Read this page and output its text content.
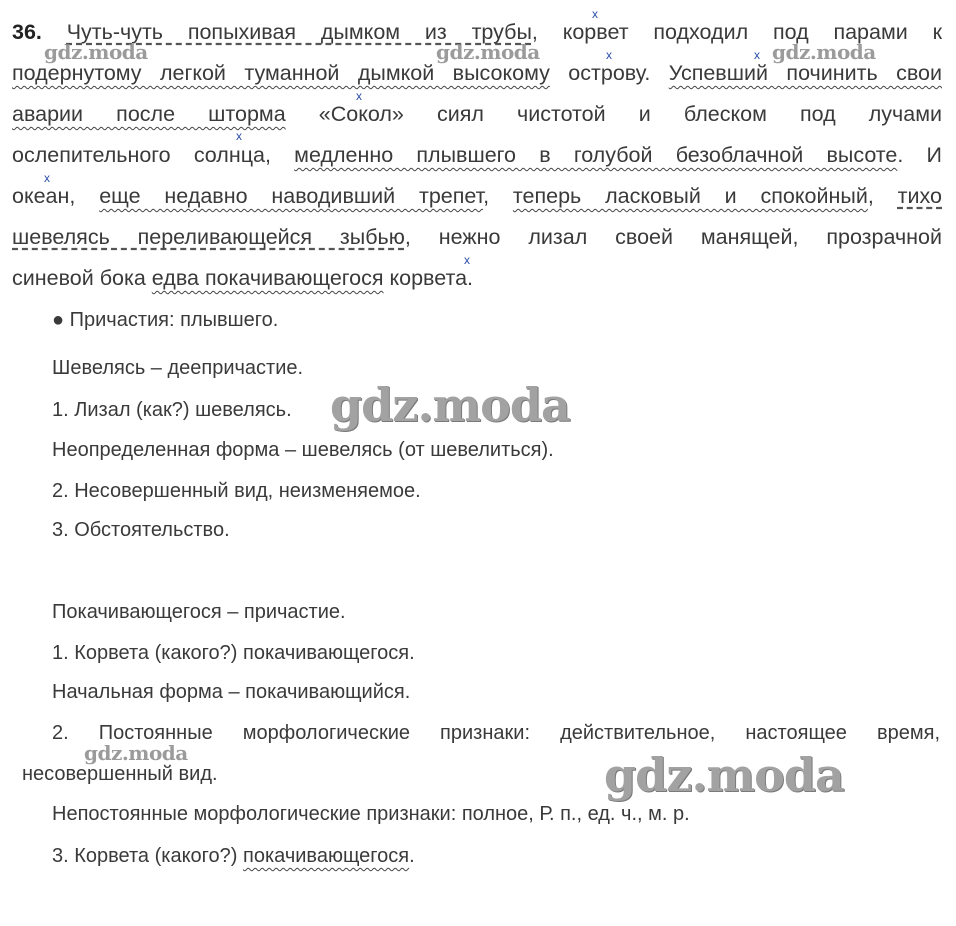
36. Чуть-чуть попыхивая дымком из трубы, корвет подходил под парами к
подернутому легкой туманной дымкой высокому острову. Успевший починить свои
аварии после шторма «Сокол» сиял чистотой и блеском под лучами
ослепительного солнца, медленно плывшего в голубой безоблачной высоте. И
океан, еще недавно наводивший трепет, теперь ласковый и спокойный, тихо
шевелясь переливающейся зыбью, нежно лизал своей манящей, прозрачной
синевой бока едва покачивающегося корвета.
x
x	x
x
x
x
x
● Причастия: плывшего.
Шевелясь – деепричастие.
1. Лизал (как?) шевелясь.
Неопределенная форма – шевелясь (от шевелиться).
2. Несовершенный вид, неизменяемое.
3. Обстоятельство.
Покачивающегося – причастие.
1. Корвета (какого?) покачивающегося.
Начальная форма – покачивающийся.
2. Постоянные морфологические признаки: действительное, настоящее время,
несовершенный вид.
Непостоянные морфологические признаки: полное, Р. п., ед. ч., м. р.
3. Корвета (какого?) покачивающегося.
gdz.moda	gdz.moda	gdz.moda
gdz.moda
gdz.moda	gdz.moda
